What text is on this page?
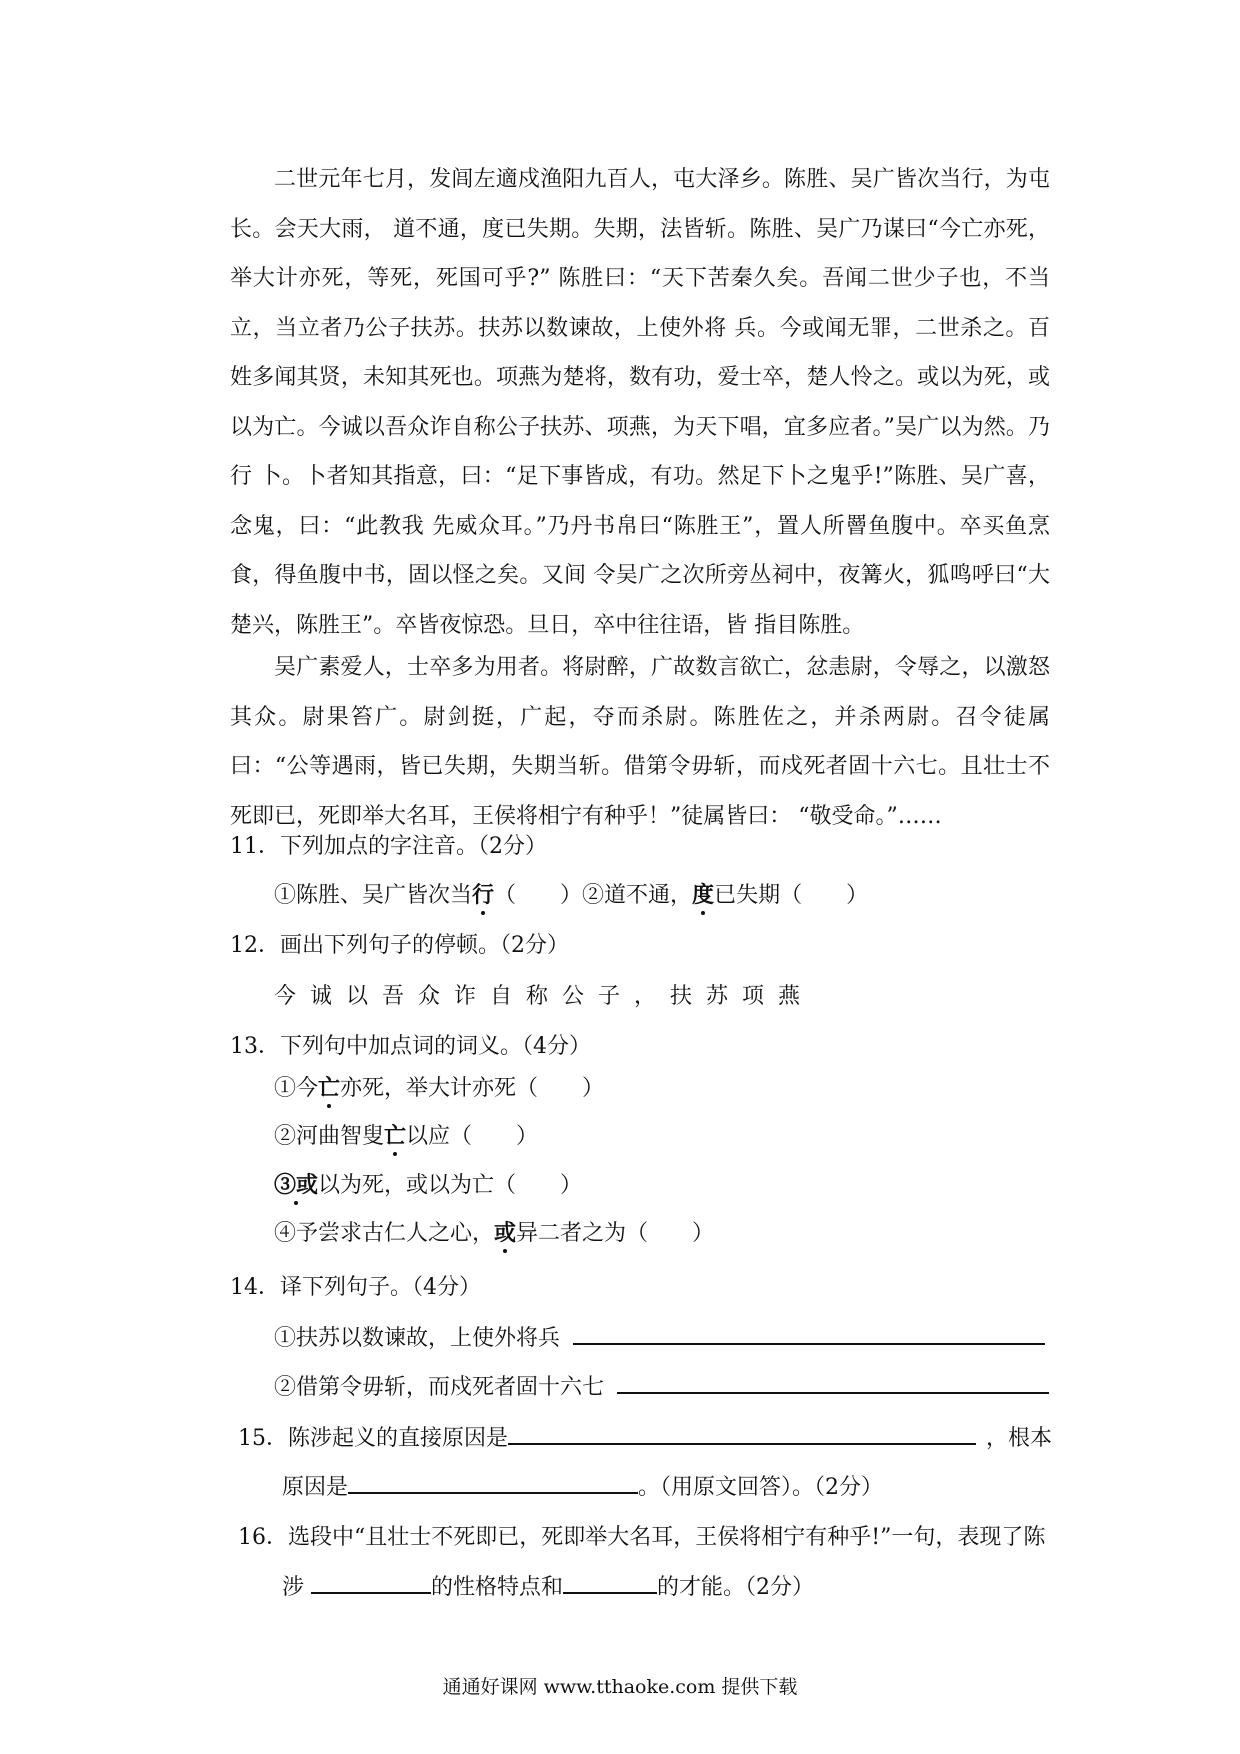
二世元年七月，发闾左適戍渔阳九百人，屯大泽乡。陈胜、吴广皆次当行，为屯长。会天大雨， 道不通，度已失期。失期，法皆斩。陈胜、吴广乃谋曰“今亡亦死，举大计亦死，等死，死国可乎?” 陈胜曰：“天下苦秦久矣。吾闻二世少子也，不当立，当立者乃公子扶苏。扶苏以数谏故，上使外将 兵。今或闻无罪，二世杀之。百姓多闻其贤，未知其死也。项燕为楚将，数有功，爱士卒，楚人怜之。或以为死，或以为亡。今诚以吾众诈自称公子扶苏、项燕，为天下唱，宜多应者。”吴广以为然。乃行 卜。卜者知其指意，曰：“足下事皆成，有功。然足下卜之鬼乎!”陈胜、吴广喜，念鬼，曰：“此教我 先威众耳。”乃丹书帛曰“陈胜王”，置人所罾鱼腹中。卒买鱼烹食，得鱼腹中书，固以怪之矣。又间 令吴广之次所旁丛祠中，夜篝火，狐鸣呼曰“大楚兴，陈胜王”。卒皆夜惊恐。旦日，卒中往往语，皆 指目陈胜。

吴广素爱人，士卒多为用者。将尉醉，广故数言欲亡，忿恚尉，令辱之，以激怒其众。尉果笞广。尉剑挺，广起，夺而杀尉。陈胜佐之，并杀两尉。召令徒属曰：“公等遇雨，皆已失期，失期当斩。借第令毋斩，而戍死者固十六七。且壮士不死即已，死即举大名耳，王侯将相宁有种乎！”徒属皆曰： “敬受命。”……

11．下列加点的字注音。（2分）
①陈胜、吴广皆次当行（　　）②道不通，度已失期（　　）
12．画出下列句子的停顿。（2分）
今诚以吾众诈自称公子，扶苏项燕
13．下列句中加点词的词义。（4分）
①今亡亦死，举大计亦死（　　）
②河曲智叟亡以应（　　）
③或以为死，或以为亡（　　）
④予尝求古仁人之心，或异二者之为（　　）
14．译下列句子。（4分）
①扶苏以数谏故，上使外将兵
②借第令毋斩，而戍死者固十六七
15．陈涉起义的直接原因是	，根本
原因是	。（用原文回答）。（2分）
16．选段中“且壮士不死即已，死即举大名耳，王侯将相宁有种乎!”一句，表现了陈
涉	的性格特点和	的才能。（2分）
通通好课网 www.tthaoke.com 提供下载
